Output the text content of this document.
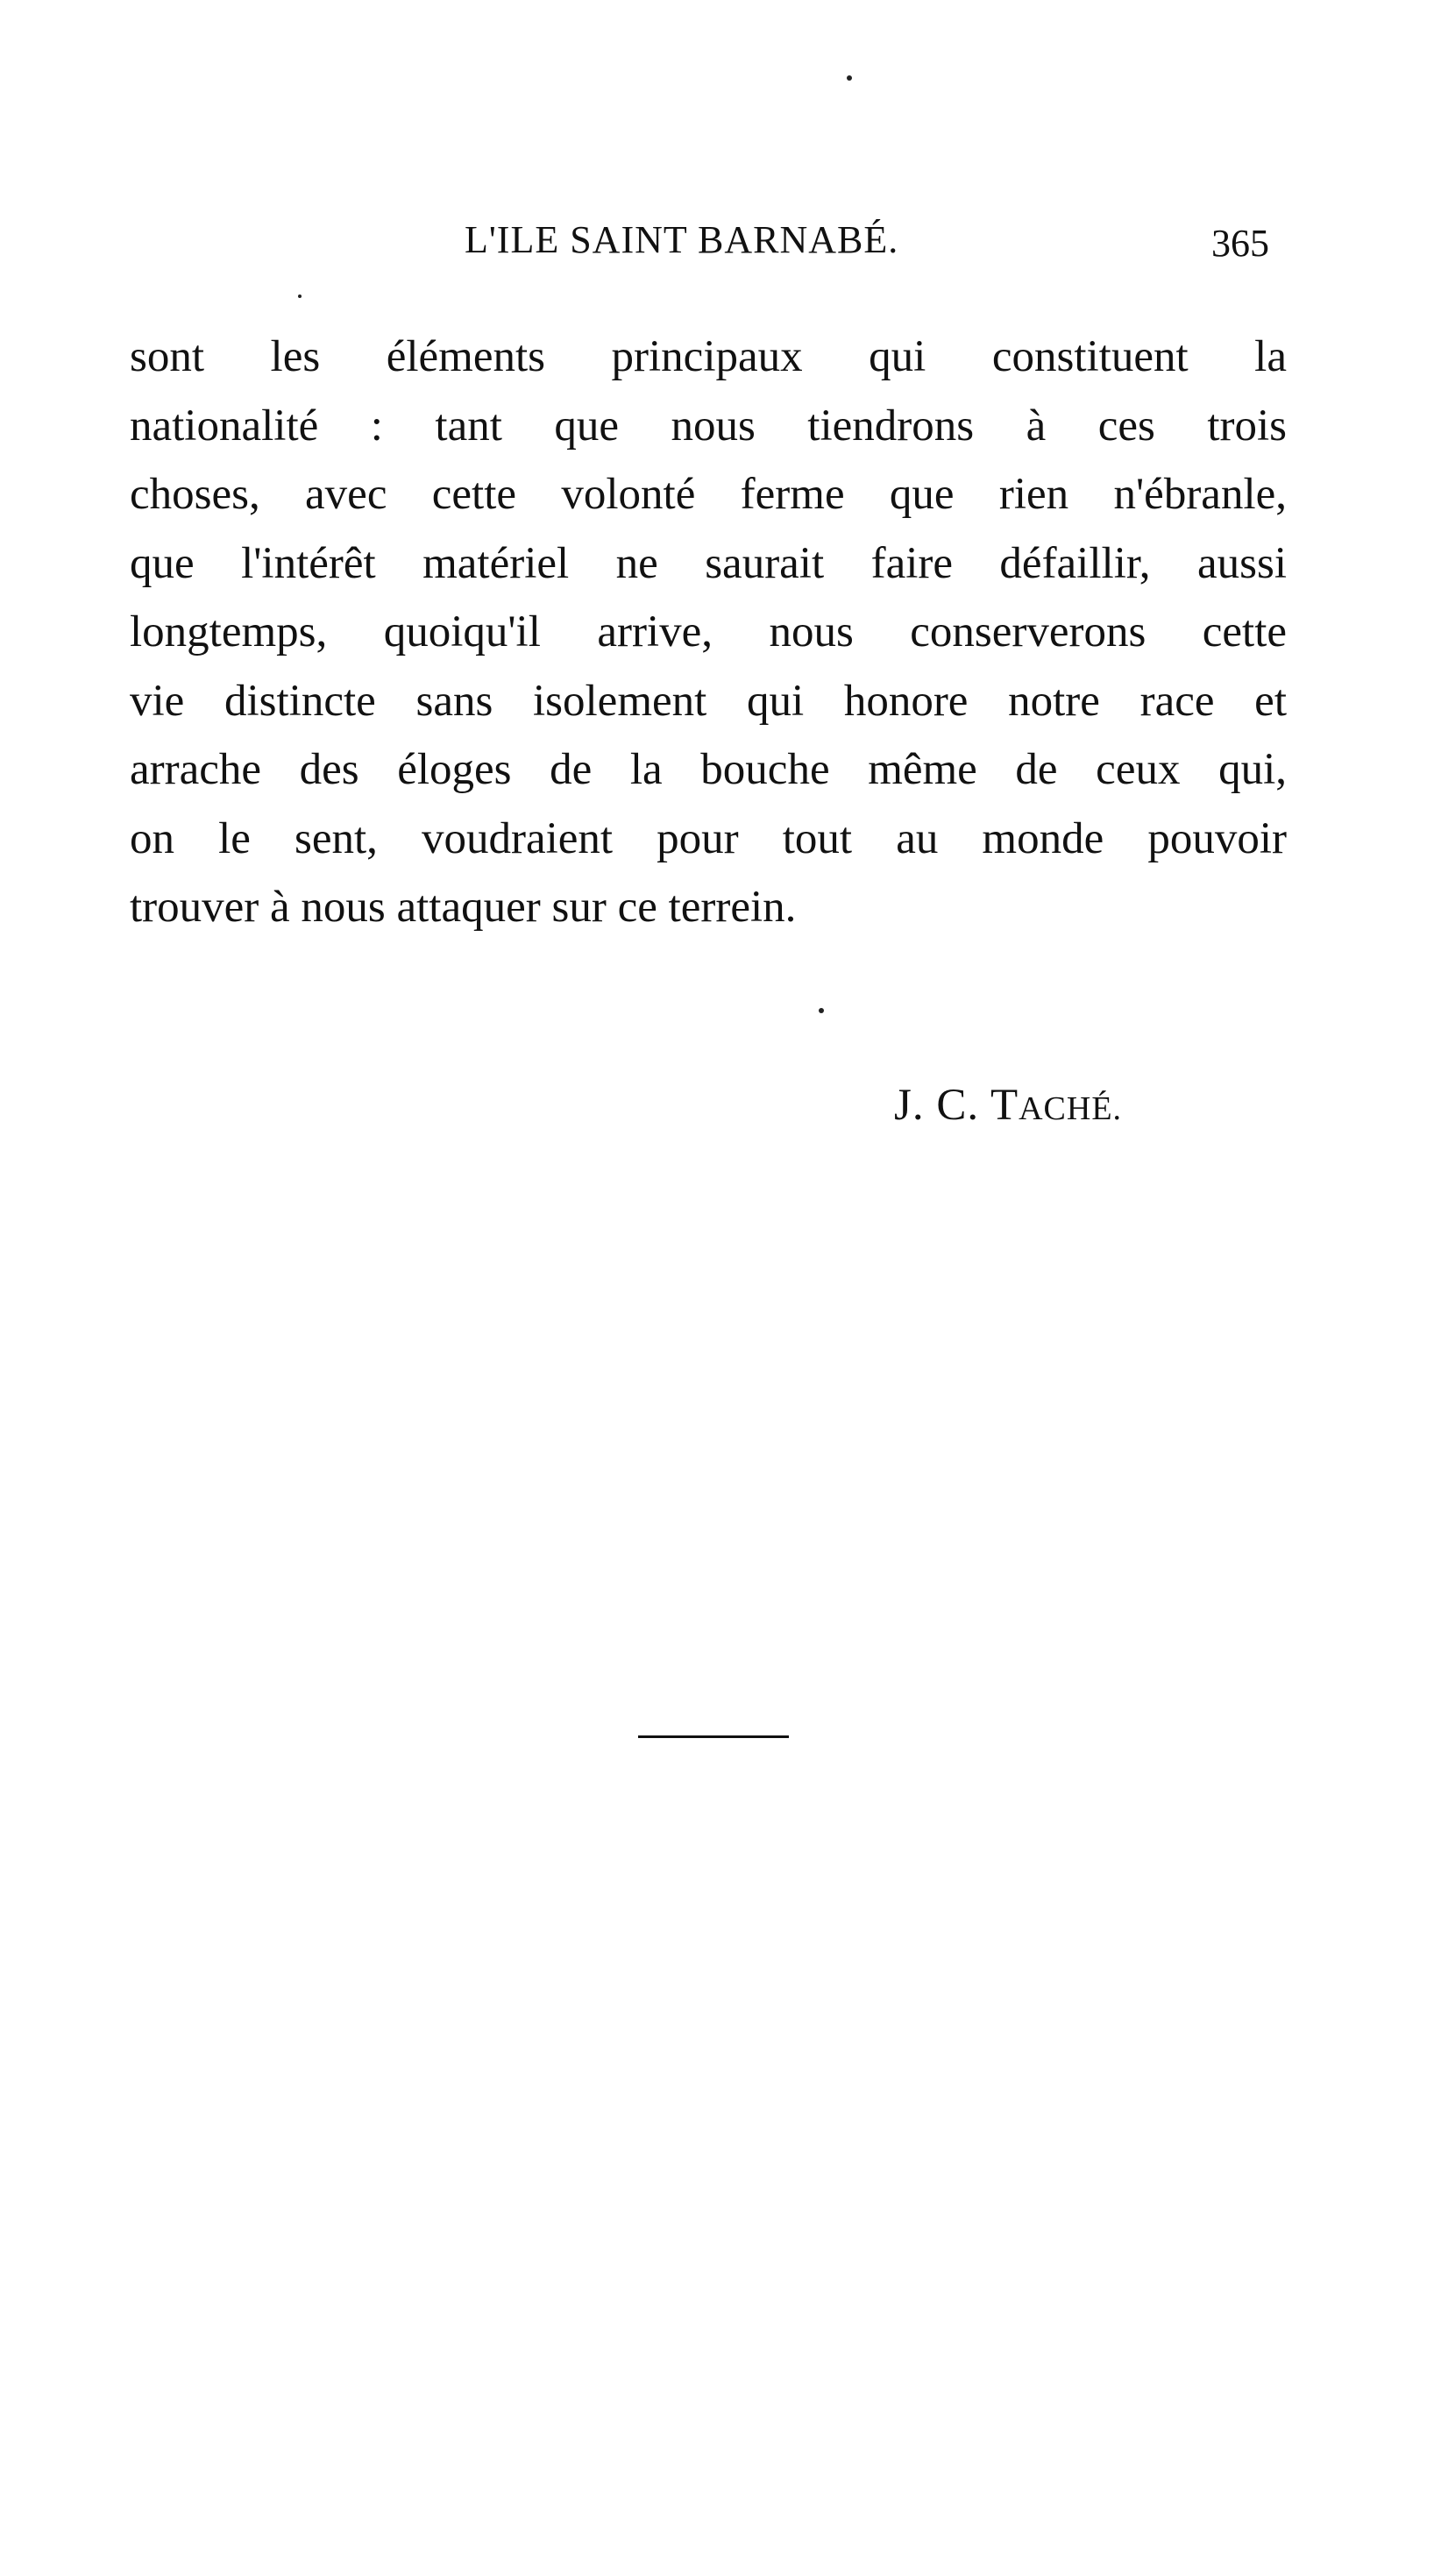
L'ILE SAINT BARNABÉ.	365
sont les éléments principaux qui constituent la
nationalité : tant que nous tiendrons à ces trois
choses, avec cette volonté ferme que rien n'ébranle,
que l'intérêt matériel ne saurait faire défaillir, aussi
longtemps, quoiqu'il arrive, nous conserverons cette
vie distincte sans isolement qui honore notre race et
arrache des éloges de la bouche même de ceux qui,
on le sent, voudraient pour tout au monde pouvoir
trouver à nous attaquer sur ce terrein.
J. C. TACHÉ.
